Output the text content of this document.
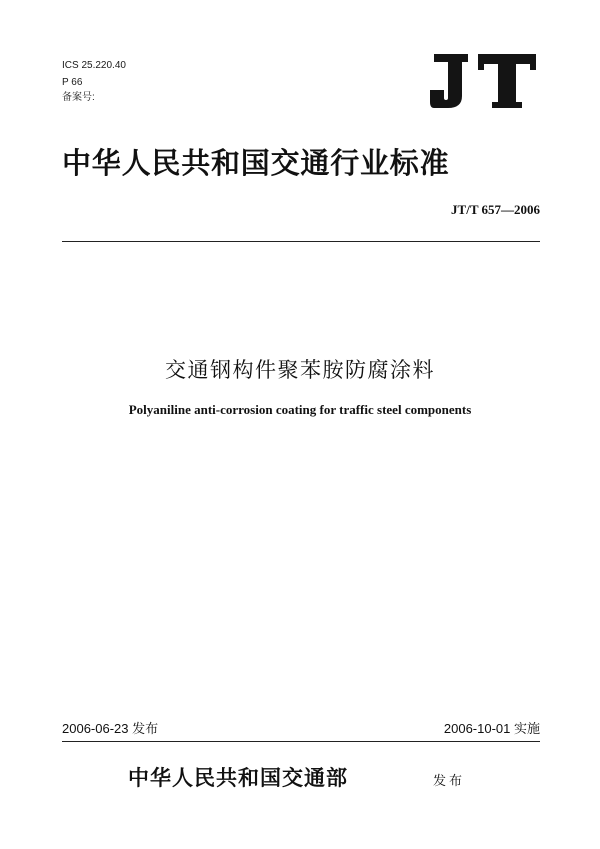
ICS 25.220.40
P 66
备案号:
中华人民共和国交通行业标准
JT/T 657—2006
交通钢构件聚苯胺防腐涂料
Polyaniline anti-corrosion coating for traffic steel components
2006-06-23 发布	2006-10-01 实施
中华人民共和国交通部	发布
